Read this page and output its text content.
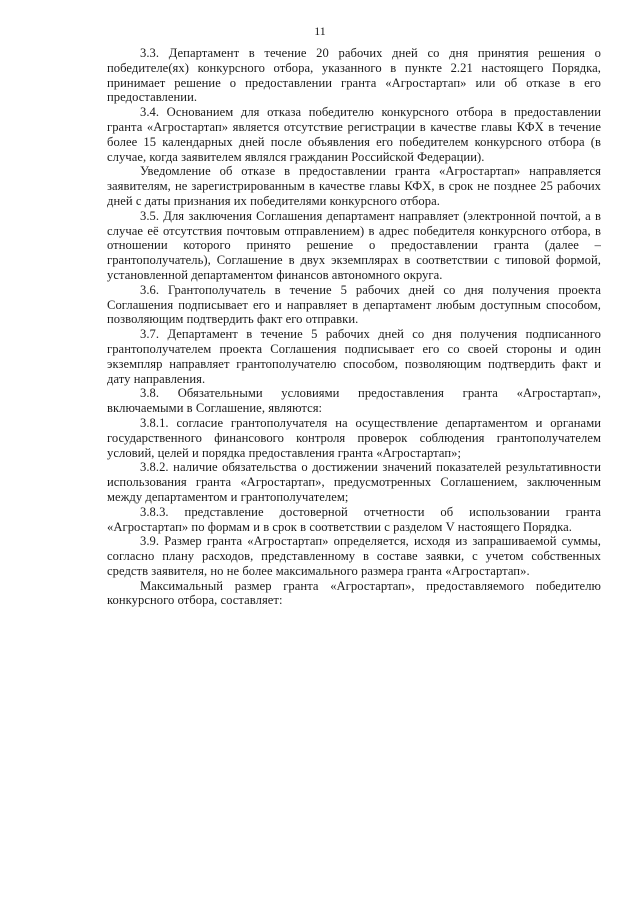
11

3.3. Департамент в течение 20 рабочих дней со дня принятия решения о победителе(ях) конкурсного отбора, указанного в пункте 2.21 настоящего Порядка, принимает решение о предоставлении гранта «Агростартап» или об отказе в его предоставлении.

3.4. Основанием для отказа победителю конкурсного отбора в предоставлении гранта «Агростартап» является отсутствие регистрации в качестве главы КФХ в течение более 15 календарных дней после объявления его победителем конкурсного отбора (в случае, когда заявителем являлся гражданин Российской Федерации).

Уведомление об отказе в предоставлении гранта «Агростартап» направляется заявителям, не зарегистрированным в качестве главы КФХ, в срок не позднее 25 рабочих дней с даты признания их победителями конкурсного отбора.

3.5. Для заключения Соглашения департамент направляет (электронной почтой, а в случае её отсутствия почтовым отправлением) в адрес победителя конкурсного отбора, в отношении которого принято решение о предоставлении гранта (далее – грантополучатель), Соглашение в двух экземплярах в соответствии с типовой формой, установленной департаментом финансов автономного округа.

3.6. Грантополучатель в течение 5 рабочих дней со дня получения проекта Соглашения подписывает его и направляет в департамент любым доступным способом, позволяющим подтвердить факт его отправки.

3.7. Департамент в течение 5 рабочих дней со дня получения подписанного грантополучателем проекта Соглашения подписывает его со своей стороны и один экземпляр направляет грантополучателю способом, позволяющим подтвердить факт и дату направления.

3.8. Обязательными условиями предоставления гранта «Агростартап», включаемыми в Соглашение, являются:

3.8.1. согласие грантополучателя на осуществление департаментом и органами государственного финансового контроля проверок соблюдения грантополучателем условий, целей и порядка предоставления гранта «Агростартап»;

3.8.2. наличие обязательства о достижении значений показателей результативности использования гранта «Агростартап», предусмотренных Соглашением, заключенным между департаментом и грантополучателем;

3.8.3. представление достоверной отчетности об использовании гранта «Агростартап» по формам и в срок в соответствии с разделом V настоящего Порядка.

3.9. Размер гранта «Агростартап» определяется, исходя из запрашиваемой суммы, согласно плану расходов, представленному в составе заявки, с учетом собственных средств заявителя, но не более максимального размера гранта «Агростартап».

Максимальный размер гранта «Агростартап», предоставляемого победителю конкурсного отбора, составляет:
